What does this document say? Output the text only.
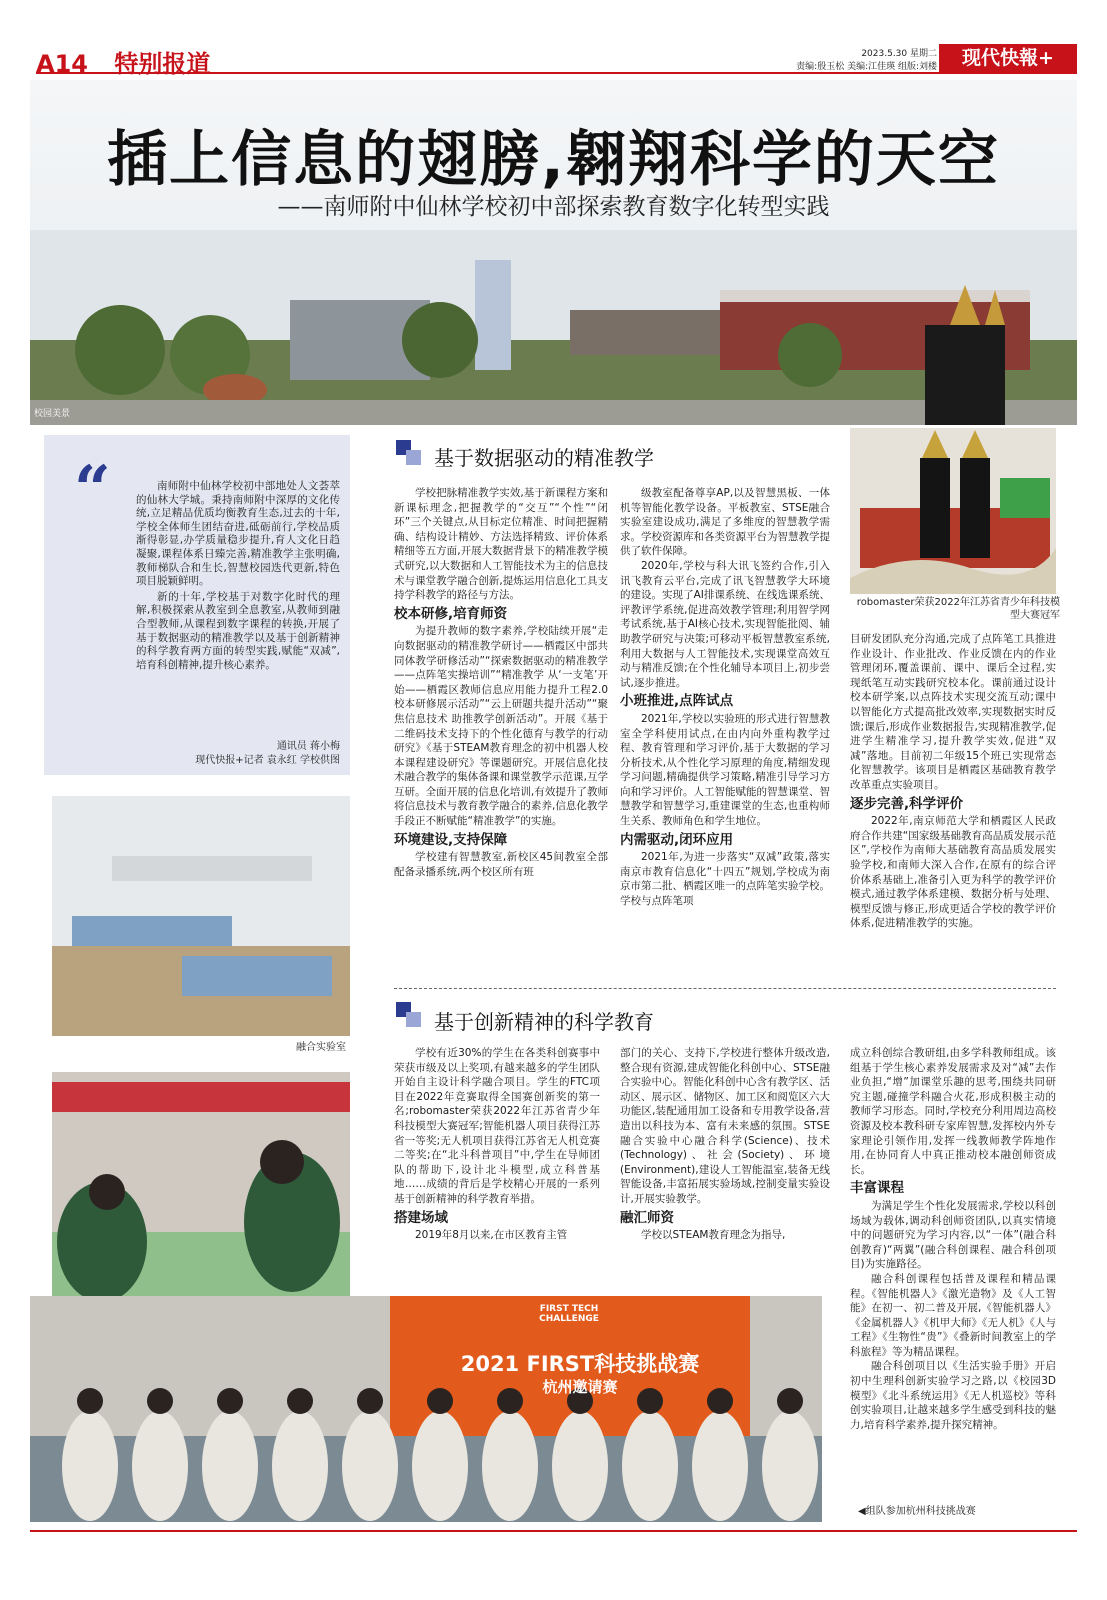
A14 特别报道	2023.5.30 星期二
责编:殷玉松 美编:江佳瑛 组版:刘楼	现代快報+
插上信息的翅膀,翱翔科学的天空
——南师附中仙林学校初中部探索教育数字化转型实践
校园美景
“	南师附中仙林学校初中部地处人文荟萃的仙林大学城。秉持南师附中深厚的文化传统,立足精品优质均衡教育生态,过去的十年,学校全体师生团结奋进,砥砺前行,学校品质渐得彰显,办学质量稳步提升,育人文化日趋凝聚,课程体系日臻完善,精准教学主张明确,教师梯队合和生长,智慧校园迭代更新,特色项目脱颖鲜明。

新的十年,学校基于对数字化时代的理解,积极探索从教室到全息教室,从教师到融合型教师,从课程到数字课程的转换,开展了基于数据驱动的精准教学以及基于创新精神的科学教育两方面的转型实践,赋能“双减”,培育科创精神,提升核心素养。

通讯员 蒋小梅
现代快报+记者 袁永红 学校供图
融合实验室
robomaster荣获2022年江苏省青少年科技模型大赛冠军
基于数据驱动的精准教学

学校把脉精准教学实效,基于新课程方案和新课标理念,把握教学的“交互”“个性”“闭环”三个关键点,从目标定位精准、时间把握精确、结构设计精妙、方法选择精致、评价体系精细等五方面,开展大数据背景下的精准教学模式研究,以大数据和人工智能技术为主的信息技术与课堂教学融合创新,提炼运用信息化工具支持学科教学的路径与方法。

校本研修,培育师资

为提升教师的数字素养,学校陆续开展“走向数据驱动的精准教学研讨——栖霞区中部共同体教学研修活动”“探索数据驱动的精准教学——点阵笔实操培训”“精准教学 从‘一支笔’开始——栖霞区教师信息应用能力提升工程2.0校本研修展示活动”“云上研题共提升活动”“聚焦信息技术 助推教学创新活动”。开展《基于二维码技术支持下的个性化德育与教学的行动研究》《基于STEAM教育理念的初中机器人校本课程建设研究》等课题研究。开展信息化技术融合教学的集体备课和课堂教学示范课,互学互研。全面开展的信息化培训,有效提升了教师将信息技术与教育教学融合的素养,信息化教学手段正不断赋能“精准教学”的实施。

环境建设,支持保障

学校建有智慧教室,新校区45间教室全部配备录播系统,两个校区所有班

级教室配备尊享AP,以及智慧黑板、一体机等智能化教学设备。平板教室、STSE融合实验室建设成功,满足了多维度的智慧教学需求。学校资源库和各类资源平台为智慧教学提供了软件保障。

2020年,学校与科大讯飞签约合作,引入讯飞教育云平台,完成了讯飞智慧教学大环境的建设。实现了AI排课系统、在线选课系统、评教评学系统,促进高效教学管理;利用智学网考试系统,基于AI核心技术,实现智能批阅、辅助教学研究与决策;可移动平板智慧教室系统,利用大数据与人工智能技术,实现课堂高效互动与精准反馈;在个性化辅导本项目上,初步尝试,逐步推进。

小班推进,点阵试点

2021年,学校以实验班的形式进行智慧教室全学科使用试点,在由内向外重构教学过程、教育管理和学习评价,基于大数据的学习分析技术,从个性化学习原理的角度,精细发现学习问题,精确提供学习策略,精准引导学习方向和学习评价。人工智能赋能的智慧课堂、智慧教学和智慧学习,重建课堂的生态,也重构师生关系、教师角色和学生地位。

内需驱动,闭环应用

2021年,为进一步落实“双减”政策,落实南京市教育信息化“十四五”规划,学校成为南京市第二批、栖霞区唯一的点阵笔实验学校。学校与点阵笔项

目研发团队充分沟通,完成了点阵笔工具推进作业设计、作业批改、作业反馈在内的作业管理闭环,覆盖课前、课中、课后全过程,实现纸笔互动实践研究校本化。课前通过设计校本研学案,以点阵技术实现交流互动;课中以智能化方式提高批改效率,实现数据实时反馈;课后,形成作业数据报告,实现精准教学,促进学生精准学习,提升教学实效,促进“双减”落地。目前初二年级15个班已实现常态化智慧教学。该项目是栖霞区基础教育教学改革重点实验项目。

逐步完善,科学评价

2022年,南京师范大学和栖霞区人民政府合作共建“国家级基础教育高品质发展示范区”,学校作为南师大基础教育高品质发展实验学校,和南师大深入合作,在原有的综合评价体系基础上,准备引入更为科学的教学评价模式,通过教学体系建模、数据分析与处理、模型反馈与修正,形成更适合学校的教学评价体系,促进精准教学的实施。

基于创新精神的科学教育

学校有近30%的学生在各类科创赛事中荣获市级及以上奖项,有越来越多的学生团队开始自主设计科学融合项目。学生的FTC项目在2022年竞赛取得全国赛创新奖的第一名;robomaster荣获2022年江苏省青少年科技模型大赛冠军;智能机器人项目获得江苏省一等奖;无人机项目获得江苏省无人机竞赛二等奖;在“北斗科普项目”中,学生在导师团队的帮助下,设计北斗模型,成立科普基地……成绩的背后是学校精心开展的一系列基于创新精神的科学教育举措。

搭建场域

2019年8月以来,在市区教育主管

部门的关心、支持下,学校进行整体升级改造,整合现有资源,建成智能化科创中心、STSE融合实验中心。智能化科创中心含有教学区、活动区、展示区、储物区、加工区和阅览区六大功能区,装配通用加工设备和专用教学设备,营造出以科技为本、富有未来感的氛围。STSE融合实验中心融合科学(Science)、技术(Technology)、社会(Society)、环境(Environment),建设人工智能温室,装备无线智能设备,丰富拓展实验场域,控制变量实验设计,开展实验教学。

融汇师资

学校以STEAM教育理念为指导,

成立科创综合教研组,由多学科教师组成。该组基于学生核心素养发展需求及对“减”去作业负担,“增”加课堂乐趣的思考,围绕共同研究主题,碰撞学科融合火花,形成积极主动的教师学习形态。同时,学校充分利用周边高校资源及校本教科研专家库智慧,发挥校内外专家理论引领作用,发挥一线教师教学阵地作用,在协同育人中真正推动校本融创师资成长。

丰富课程

为满足学生个性化发展需求,学校以科创场域为载体,调动科创师资团队,以真实情境中的问题研究为学习内容,以“一体”(融合科创教育)“两翼”(融合科创课程、融合科创项目)为实施路径。

融合科创课程包括普及课程和精品课程。《智能机器人》《激光造物》及《人工智能》在初一、初二普及开展,《智能机器人》《金属机器人》《机甲大师》《无人机》《人与工程》《生物性“贵”》《叠新时间教室上的学科旅程》等为精品课程。

融合科创项目以《生活实验手册》开启初中生理科创新实验学习之路,以《校园3D模型》《北斗系统运用》《无人机巡校》等科创实验项目,让越来越多学生感受到科技的魅力,培育科学素养,提升探究精神。

FIRST TECH CHALLENGE
2021 FIRST科技挑战赛
杭州邀请赛
◀组队参加杭州科技挑战赛
